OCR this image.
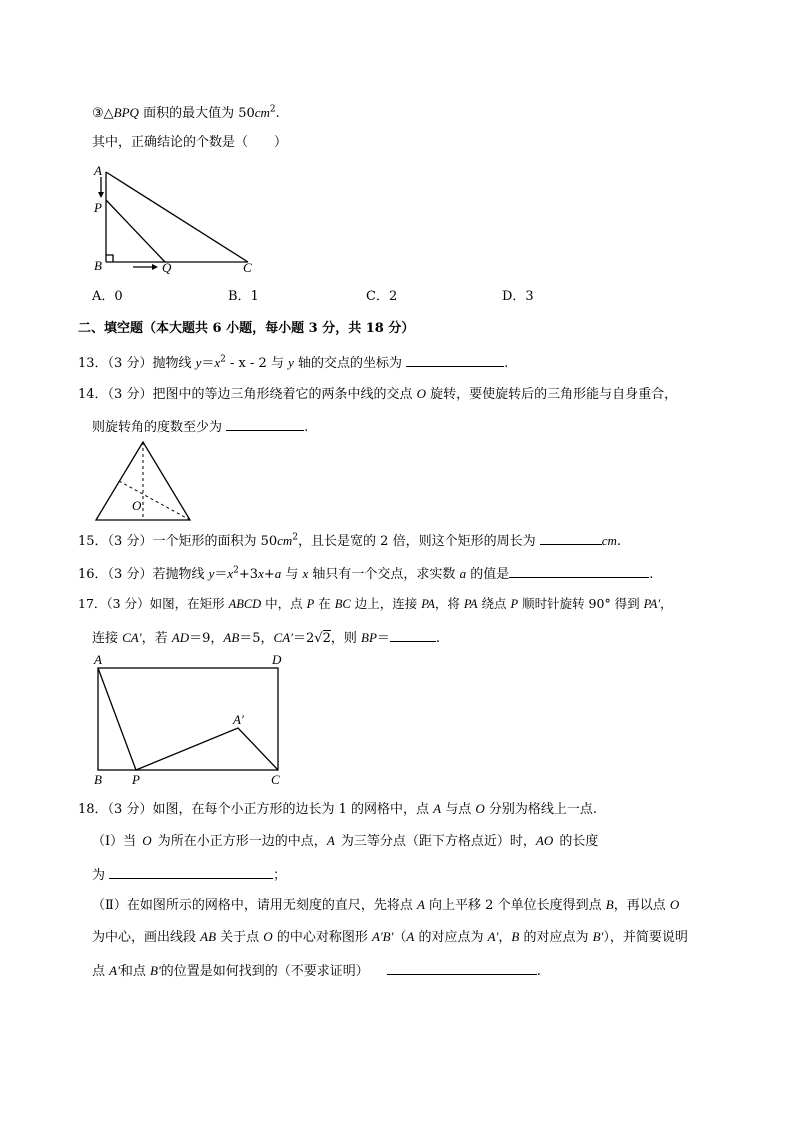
③△BPQ 面积的最大值为 $50cm^2$.
其中，正确结论的个数是（　　）
A
P
B	Q	C
A．0	B．1	C．2	D．3
二、填空题（本大题共 6 小题，每小题 3 分，共 18 分）
13．（3 分）抛物线 $y=x^2 - x - 2$ 与 y 轴的交点的坐标为	.
14．（3 分）把图中的等边三角形绕着它的两条中线的交点 O 旋转，要使旋转后的三角形能与自身重合，
则旋转角的度数至少为	.
O
15．（3 分）一个矩形的面积为 $50cm^2$，且长是宽的 2 倍，则这个矩形的周长为	cm.
16．（3 分）若抛物线 $y=x^2+3x+a$ 与 x 轴只有一个交点，求实数 a 的值是	.
17．（3 分）如图，在矩形 ABCD 中，点 P 在 BC 边上，连接 PA，将 PA 绕点 P 顺时针旋转 90° 得到 PA′，
连接 CA′，若 AD＝9，AB＝5，CA′＝2√2，则 BP＝	.
A	D
A′
B P	C
18．（3 分）如图，在每个小正方形的边长为 1 的网格中，点 A 与点 O 分别为格线上一点.
（Ⅰ）当 O 为所在小正方形一边的中点，A 为三等分点（距下方格点近）时，AO 的长度
为	；
（Ⅱ）在如图所示的网格中，请用无刻度的直尺，先将点 A 向上平移 2 个单位长度得到点 B，再以点 O
为中心，画出线段 AB 关于点 O 的中心对称图形 A'B'（A 的对应点为 A'，B 的对应点为 B'），并简要说明
点 A'和点 B'的位置是如何找到的（不要求证明）	.
